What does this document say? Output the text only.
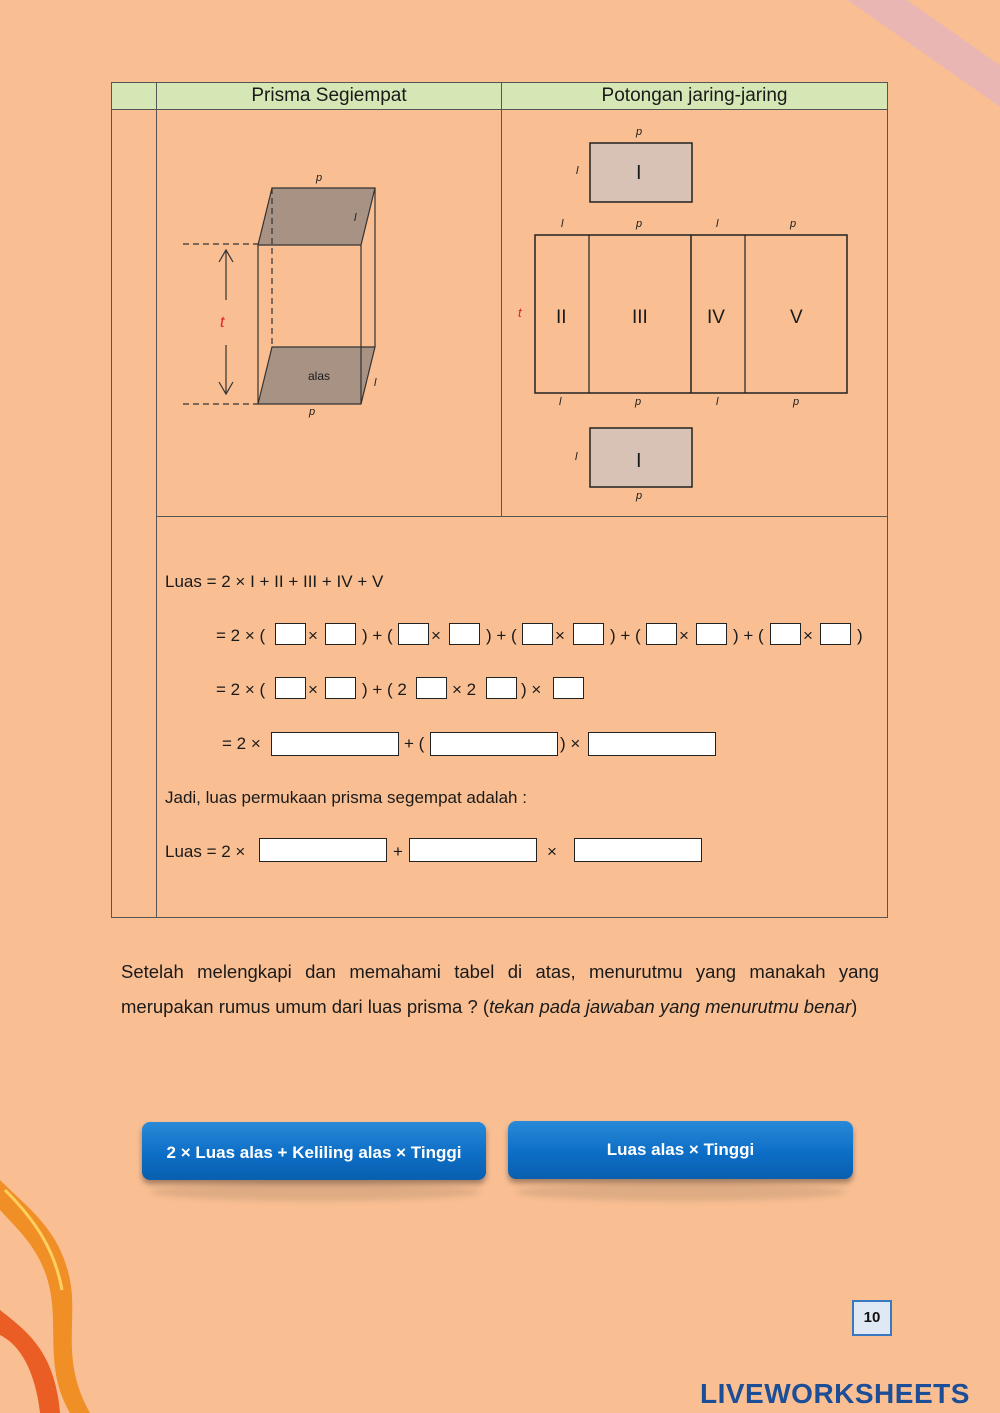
Prisma Segiempat	Potongan jaring-jaring
p
l
t
alas	l
p
p
l	I
l	p	l	p
t II	III	IV	V
l	p	l	p
l	I
p
Luas = 2 × I + II + III + IV + V
= 2 × (	×	) + ( ×	) + ( ×	) + ( ×	) + ( ×	)
= 2 × (	×	) + ( 2	× 2	) ×
= 2 ×	+ (	) ×
Jadi, luas permukaan prisma segempat adalah :
Luas = 2 ×	+	×
Setelah melengkapi dan memahami tabel di atas, menurutmu yang manakah yang merupakan rumus umum dari luas prisma ? (tekan pada jawaban yang menurutmu benar)
2 × Luas alas + Keliling alas × Tinggi	Luas alas × Tinggi
10
LIVEWORKSHEETS
